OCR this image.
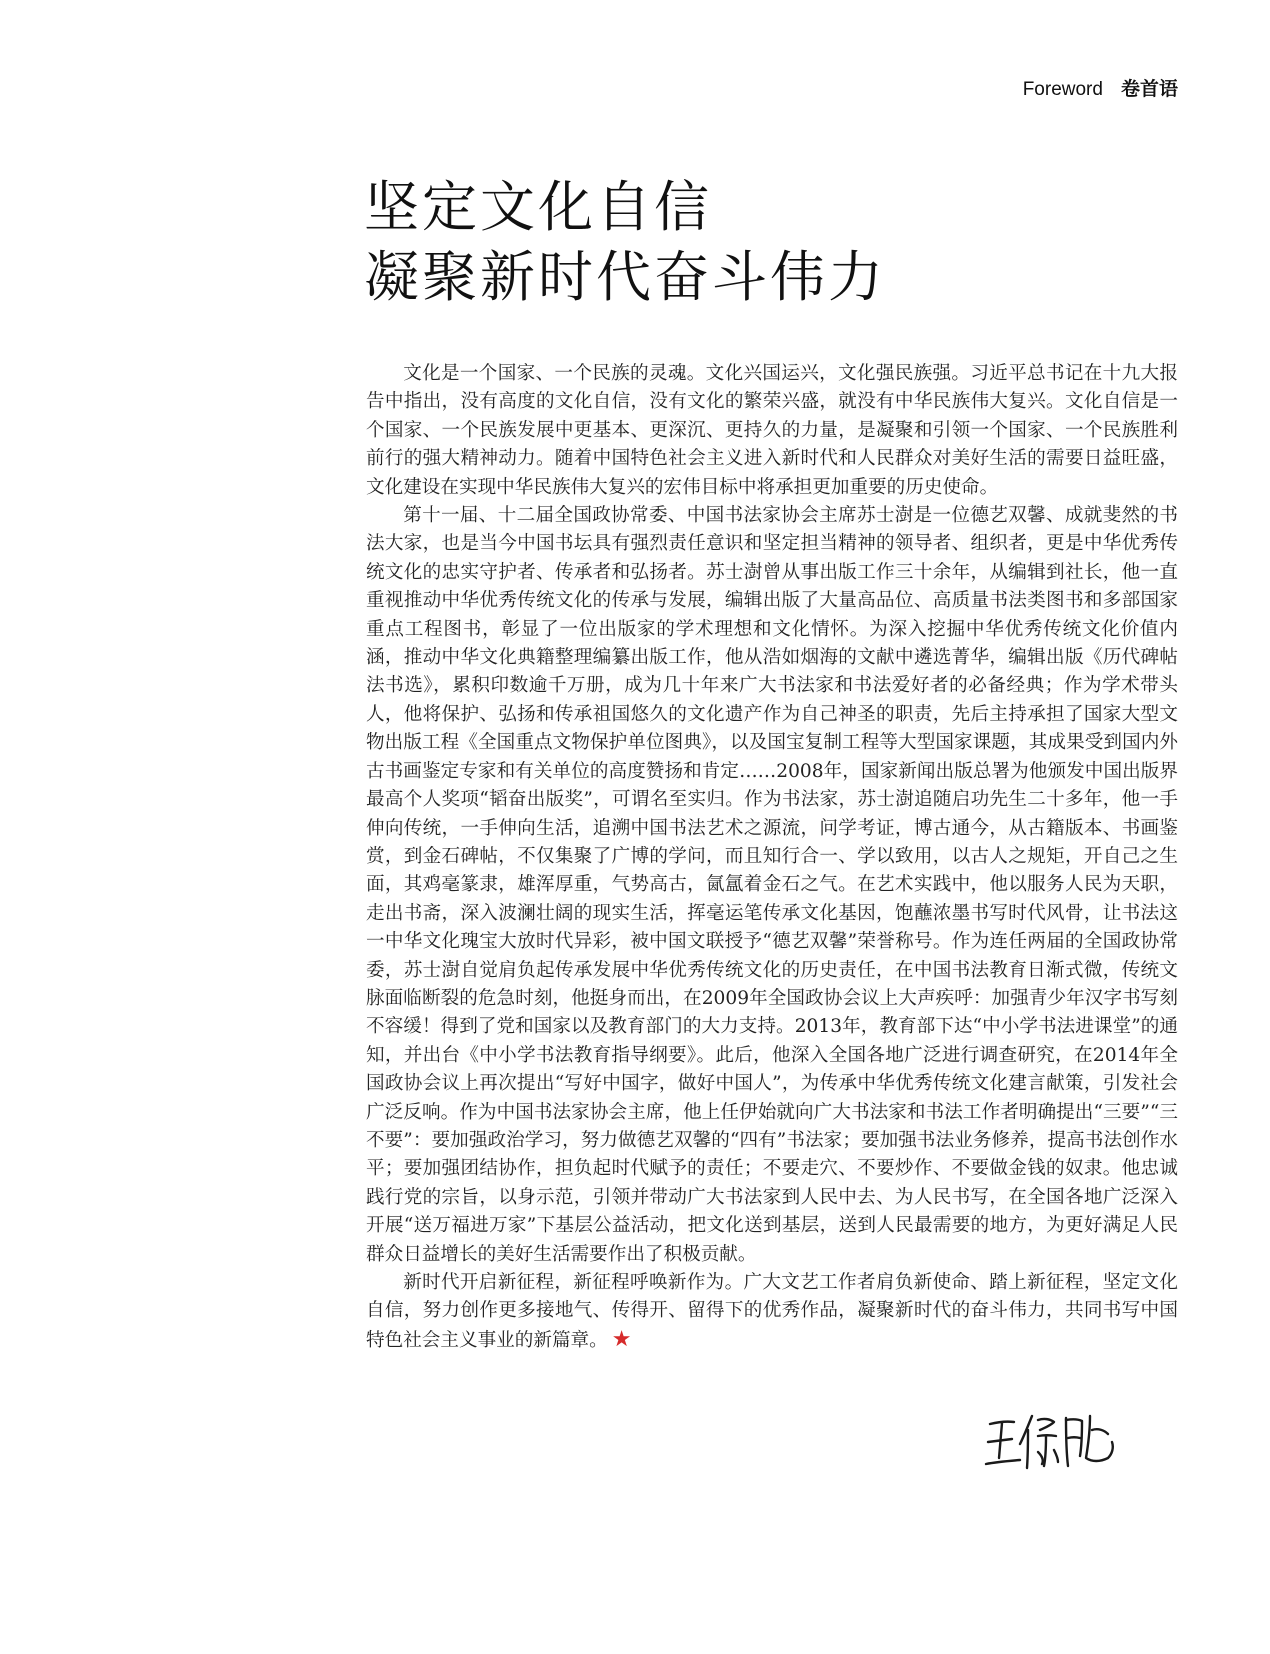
Foreword 卷首语
坚定文化自信
凝聚新时代奋斗伟力

文化是一个国家、一个民族的灵魂。文化兴国运兴，文化强民族强。习近平总书记在十九大报告中指出，没有高度的文化自信，没有文化的繁荣兴盛，就没有中华民族伟大复兴。文化自信是一个国家、一个民族发展中更基本、更深沉、更持久的力量，是凝聚和引领一个国家、一个民族胜利前行的强大精神动力。随着中国特色社会主义进入新时代和人民群众对美好生活的需要日益旺盛，文化建设在实现中华民族伟大复兴的宏伟目标中将承担更加重要的历史使命。

第十一届、十二届全国政协常委、中国书法家协会主席苏士澍是一位德艺双馨、成就斐然的书法大家，也是当今中国书坛具有强烈责任意识和坚定担当精神的领导者、组织者，更是中华优秀传统文化的忠实守护者、传承者和弘扬者。苏士澍曾从事出版工作三十余年，从编辑到社长，他一直重视推动中华优秀传统文化的传承与发展，编辑出版了大量高品位、高质量书法类图书和多部国家重点工程图书，彰显了一位出版家的学术理想和文化情怀。为深入挖掘中华优秀传统文化价值内涵，推动中华文化典籍整理编纂出版工作，他从浩如烟海的文献中遴选菁华，编辑出版《历代碑帖法书选》，累积印数逾千万册，成为几十年来广大书法家和书法爱好者的必备经典；作为学术带头人，他将保护、弘扬和传承祖国悠久的文化遗产作为自己神圣的职责，先后主持承担了国家大型文物出版工程《全国重点文物保护单位图典》，以及国宝复制工程等大型国家课题，其成果受到国内外古书画鉴定专家和有关单位的高度赞扬和肯定……2008年，国家新闻出版总署为他颁发中国出版界最高个人奖项“韬奋出版奖”，可谓名至实归。作为书法家，苏士澍追随启功先生二十多年，他一手伸向传统，一手伸向生活，追溯中国书法艺术之源流，问学考证，博古通今，从古籍版本、书画鉴赏，到金石碑帖，不仅集聚了广博的学问，而且知行合一、学以致用，以古人之规矩，开自己之生面，其鸡毫篆隶，雄浑厚重，气势高古，氤氲着金石之气。在艺术实践中，他以服务人民为天职，走出书斋，深入波澜壮阔的现实生活，挥毫运笔传承文化基因，饱蘸浓墨书写时代风骨，让书法这一中华文化瑰宝大放时代异彩，被中国文联授予“德艺双馨”荣誉称号。作为连任两届的全国政协常委，苏士澍自觉肩负起传承发展中华优秀传统文化的历史责任，在中国书法教育日渐式微，传统文脉面临断裂的危急时刻，他挺身而出，在2009年全国政协会议上大声疾呼：加强青少年汉字书写刻不容缓！得到了党和国家以及教育部门的大力支持。2013年，教育部下达“中小学书法进课堂”的通知，并出台《中小学书法教育指导纲要》。此后，他深入全国各地广泛进行调查研究，在2014年全国政协会议上再次提出“写好中国字，做好中国人”，为传承中华优秀传统文化建言献策，引发社会广泛反响。作为中国书法家协会主席，他上任伊始就向广大书法家和书法工作者明确提出“三要”“三不要”：要加强政治学习，努力做德艺双馨的“四有”书法家；要加强书法业务修养，提高书法创作水平；要加强团结协作，担负起时代赋予的责任；不要走穴、不要炒作、不要做金钱的奴隶。他忠诚践行党的宗旨，以身示范，引领并带动广大书法家到人民中去、为人民书写，在全国各地广泛深入开展“送万福进万家”下基层公益活动，把文化送到基层，送到人民最需要的地方，为更好满足人民群众日益增长的美好生活需要作出了积极贡献。

新时代开启新征程，新征程呼唤新作为。广大文艺工作者肩负新使命、踏上新征程，坚定文化自信，努力创作更多接地气、传得开、留得下的优秀作品，凝聚新时代的奋斗伟力，共同书写中国特色社会主义事业的新篇章。 ★
